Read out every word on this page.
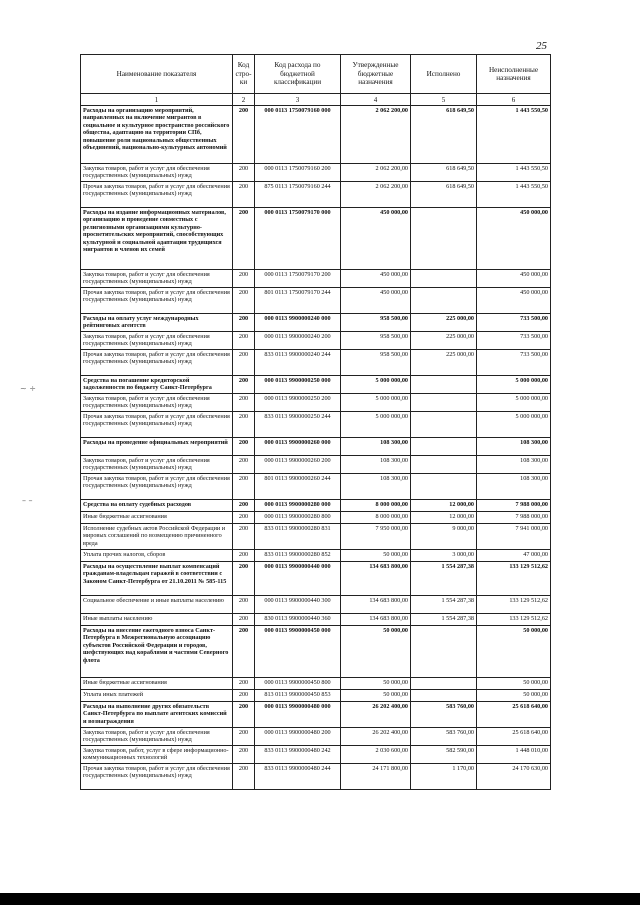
25
~ ÷
– –
Наименование показателя	Код стро-ки	Код расхода по бюджетной классификации	Утвержденные бюджетные назначения	Исполнено	Неисполненные назначения
1	2	3	4	5	6
Расходы на организацию мероприятий, направленных на включение мигрантов в социальное и культурное пространство российского общества, адаптацию на территории СПб, повышение роли национальных общественных объединений, национально-культурных автономий	200	000 0113 1750079160 000	2 062 200,00	618 649,50	1 443 550,50
Закупка товаров, работ и услуг для обеспечения государственных (муниципальных) нужд	200	000 0113 1750079160 200	2 062 200,00	618 649,50	1 443 550,50
Прочая закупка товаров, работ и услуг для обеспечения государственных (муниципальных) нужд	200	875 0113 1750079160 244	2 062 200,00	618 649,50	1 443 550,50
Расходы на издание информационных материалов, организацию и проведение совместных с религиозными организациями культурно-просветительских мероприятий, способствующих культурной и социальной адаптации трудящихся мигрантов и членов их семей	200	000 0113 1750079170 000	450 000,00		450 000,00
Закупка товаров, работ и услуг для обеспечения государственных (муниципальных) нужд	200	000 0113 1750079170 200	450 000,00		450 000,00
Прочая закупка товаров, работ и услуг для обеспечения государственных (муниципальных) нужд	200	801 0113 1750079170 244	450 000,00		450 000,00
Расходы на оплату услуг международных рейтинговых агентств	200	000 0113 9900000240 000	958 500,00	225 000,00	733 500,00
Закупка товаров, работ и услуг для обеспечения государственных (муниципальных) нужд	200	000 0113 9900000240 200	958 500,00	225 000,00	733 500,00
Прочая закупка товаров, работ и услуг для обеспечения государственных (муниципальных) нужд	200	833 0113 9900000240 244	958 500,00	225 000,00	733 500,00
Средства на погашение кредиторской задолженности по бюджету Санкт-Петербурга	200	000 0113 9900000250 000	5 000 000,00		5 000 000,00
Закупка товаров, работ и услуг для обеспечения государственных (муниципальных) нужд	200	000 0113 9900000250 200	5 000 000,00		5 000 000,00
Прочая закупка товаров, работ и услуг для обеспечения государственных (муниципальных) нужд	200	833 0113 9900000250 244	5 000 000,00		5 000 000,00
Расходы на проведение официальных мероприятий	200	000 0113 9900000260 000	108 300,00		108 300,00
Закупка товаров, работ и услуг для обеспечения государственных (муниципальных) нужд	200	000 0113 9900000260 200	108 300,00		108 300,00
Прочая закупка товаров, работ и услуг для обеспечения государственных (муниципальных) нужд	200	801 0113 9900000260 244	108 300,00		108 300,00
Средства на оплату судебных расходов	200	000 0113 9900000280 000	8 000 000,00	12 000,00	7 988 000,00
Иные бюджетные ассигнования	200	000 0113 9900000280 800	8 000 000,00	12 000,00	7 988 000,00
Исполнение судебных актов Российской Федерации и мировых соглашений по возмещению причиненного вреда	200	833 0113 9900000280 831	7 950 000,00	9 000,00	7 941 000,00
Уплата прочих налогов, сборов	200	833 0113 9900000280 852	50 000,00	3 000,00	47 000,00
Расходы на осуществление выплат компенсаций гражданам-владельцам гаражей в соответствии с Законом Санкт-Петербурга от 21.10.2011 № 585-115	200	000 0113 9900000440 000	134 683 800,00	1 554 287,38	133 129 512,62
Социальное обеспечение и иные выплаты населению	200	000 0113 9900000440 300	134 683 800,00	1 554 287,38	133 129 512,62
Иные выплаты населению	200	830 0113 9900000440 360	134 683 800,00	1 554 287,38	133 129 512,62
Расходы на внесение ежегодного взноса Санкт-Петербурга в Межрегиональную ассоциацию субъектов Российской Федерации и городов, шефствующих над кораблями и частями Северного флота	200	000 0113 9900000450 000	50 000,00		50 000,00
Иные бюджетные ассигнования	200	000 0113 9900000450 800	50 000,00		50 000,00
Уплата иных платежей	200	813 0113 9900000450 853	50 000,00		50 000,00
Расходы на выполнение других обязательств Санкт-Петербурга по выплате агентских комиссий и вознаграждения	200	000 0113 9900000480 000	26 202 400,00	583 760,00	25 618 640,00
Закупка товаров, работ и услуг для обеспечения государственных (муниципальных) нужд	200	000 0113 9900000480 200	26 202 400,00	583 760,00	25 618 640,00
Закупка товаров, работ, услуг в сфере информационно-коммуникационных технологий	200	833 0113 9900000480 242	2 030 600,00	582 590,00	1 448 010,00
Прочая закупка товаров, работ и услуг для обеспечения государственных (муниципальных) нужд	200	833 0113 9900000480 244	24 171 800,00	1 170,00	24 170 630,00
